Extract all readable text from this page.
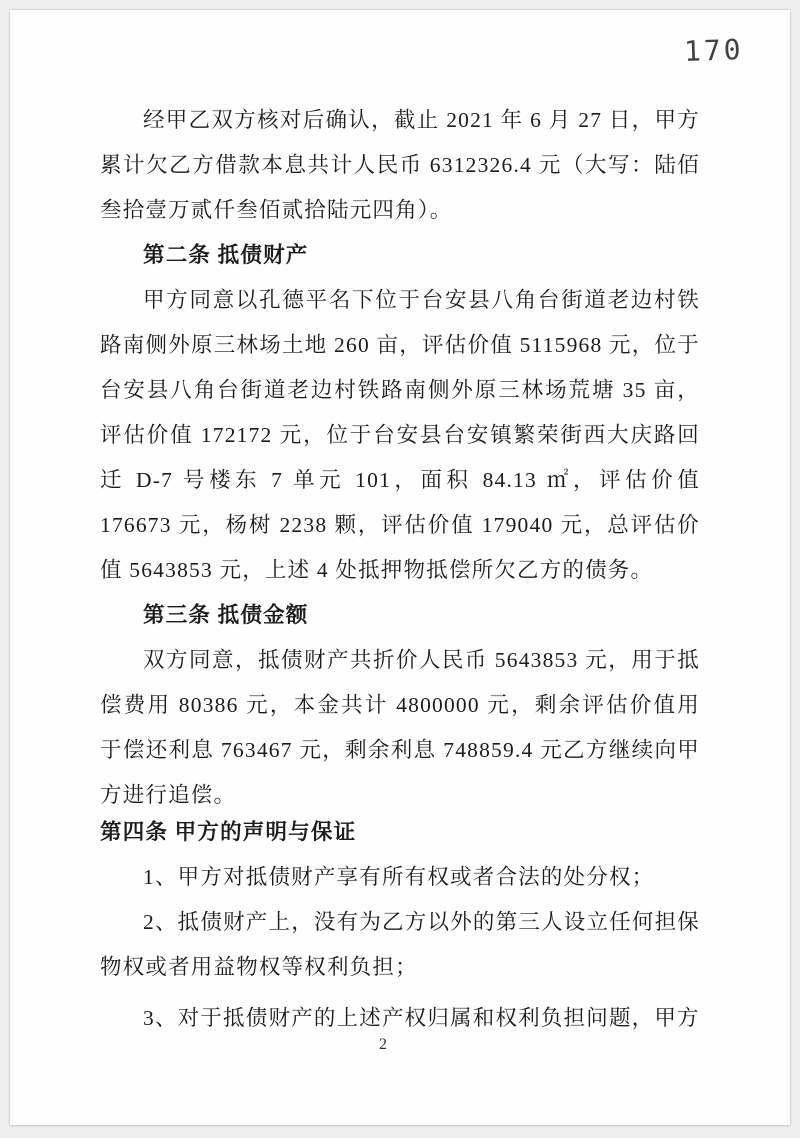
170

经甲乙双方核对后确认，截止 2021 年 6 月 27 日，甲方累计欠乙方借款本息共计人民币 6312326.4 元（大写：陆佰叁拾壹万贰仟叁佰贰拾陆元四角）。

第二条 抵债财产

甲方同意以孔德平名下位于台安县八角台街道老边村铁路南侧外原三林场土地 260 亩，评估价值 5115968 元，位于台安县八角台街道老边村铁路南侧外原三林场荒塘 35 亩，评估价值 172172 元，位于台安县台安镇繁荣街西大庆路回迁 D-7 号楼东 7 单元 101，面积 84.13 ㎡，评估价值 176673 元，杨树 2238 颗，评估价值 179040 元，总评估价值 5643853 元，上述 4 处抵押物抵偿所欠乙方的债务。

第三条 抵债金额

双方同意，抵债财产共折价人民币 5643853 元，用于抵偿费用 80386 元，本金共计 4800000 元，剩余评估价值用于偿还利息 763467 元，剩余利息 748859.4 元乙方继续向甲方进行追偿。

第四条 甲方的声明与保证

1、甲方对抵债财产享有所有权或者合法的处分权；

2、抵债财产上，没有为乙方以外的第三人设立任何担保物权或者用益物权等权利负担；

3、对于抵债财产的上述产权归属和权利负担问题，甲方

2
